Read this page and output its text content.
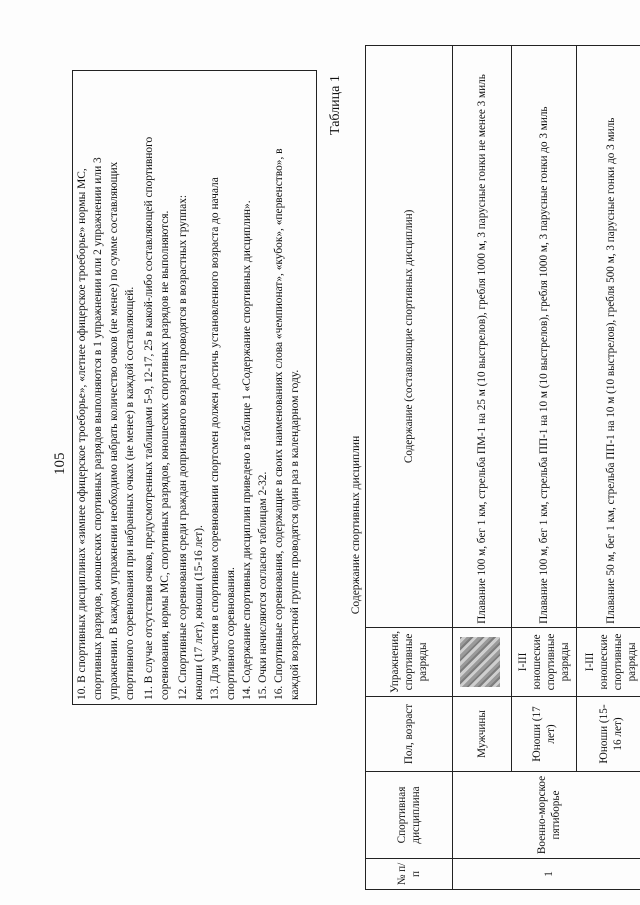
105 10. В спортивных дисциплинах «зимнее офицерское троеборье», «летнее офицерское троеборье» нормы МС, спортивных разрядов, юношеских спортивных разрядов выполняются в 1 упражнении или 2 упражнении или 3 упражнении. В каждом упражнении необходимо набрать количество очков (не менее) по сумме составляющих спортивного соревнования при набранных очках (не менее) в каждой составляющей. 11. В случае отсутствия очков, предусмотренных таблицами 5-9, 12-17, 25 в какой-либо составляющей спортивного соревнования, нормы МС, спортивных разрядов, юношеских спортивных разрядов не выполняются. 12. Спортивные соревнования среди граждан допризывного возраста проводятся в возрастных группах: юноши (17 лет), юноши (15-16 лет). 13. Для участия в спортивном соревновании спортсмен должен достичь установленного возраста до начала спортивного соревнования. 14. Содержание спортивных дисциплин приведено в таблице 1 «Содержание спортивных дисциплин». 15. Очки начисляются согласно таблицам 2-32. 16. Спортивные соревнования, содержащие в своих наименованиях слова «чемпионат», «кубок», «первенство», в каждой возрастной группе проводятся один раз в календарном году.

Таблица 1
Содержание спортивных дисциплин
№ п/п	Спортивная дисциплина	Пол, возраст	Упражнения, спортивные разряды	Содержание (составляющие спортивных дисциплин)
1	Военно-морское пятиборье	Мужчины		Плавание 100 м, бег 1 км, стрельба ПМ-1 на 25 м (10 выстрелов), гребля 1000 м, 3 парусные гонки не менее 3 миль
		Юноши (17 лет)	I-III юношеские спортивные разряды	Плавание 100 м, бег 1 км, стрельба ПП-1 на 10 м (10 выстрелов), гребля 1000 м, 3 парусные гонки до 3 миль
		Юноши (15-16 лет)	I-III юношеские спортивные разряды	Плавание 50 м, бег 1 км, стрельба ПП-1 на 10 м (10 выстрелов), гребля 500 м, 3 парусные гонки до 3 миль
